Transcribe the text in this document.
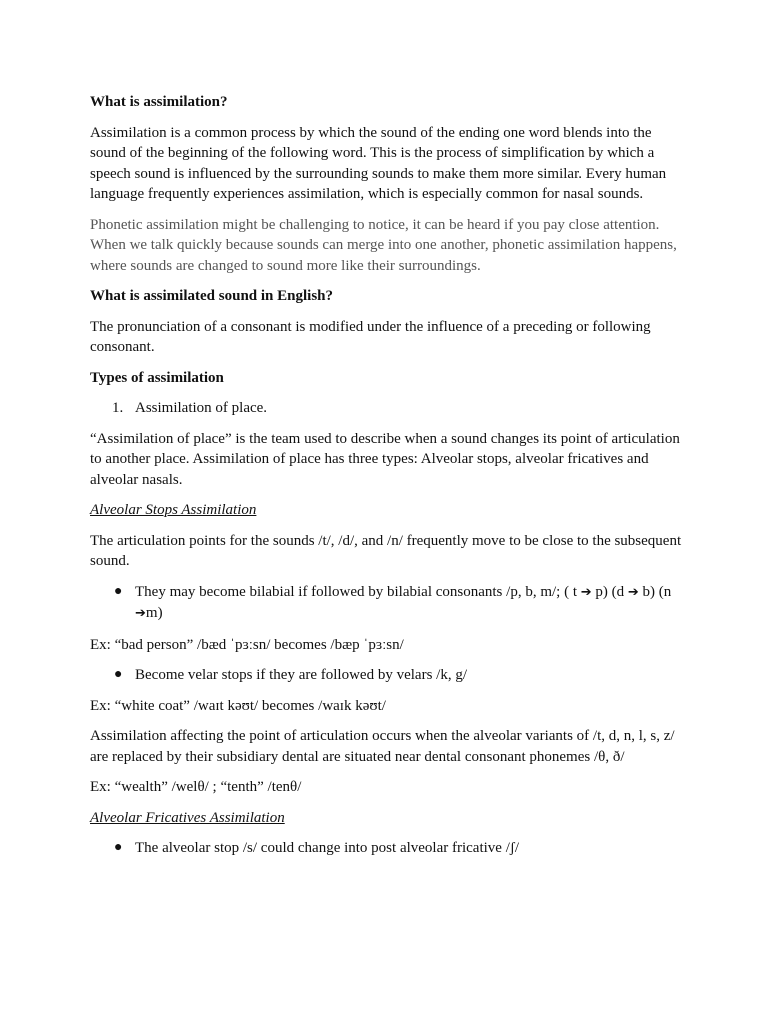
What is assimilation?

Assimilation is a common process by which the sound of the ending one word blends into the sound of the beginning of the following word. This is the process of simplification by which a speech sound is influenced by the surrounding sounds to make them more similar. Every human language frequently experiences assimilation, which is especially common for nasal sounds.

Phonetic assimilation might be challenging to notice, it can be heard if you pay close attention. When we talk quickly because sounds can merge into one another, phonetic assimilation happens, where sounds are changed to sound more like their surroundings.

What is assimilated sound in English?

The pronunciation of a consonant is modified under the influence of a preceding or following consonant.

Types of assimilation
1. Assimilation of place.

“Assimilation of place” is the team used to describe when a sound changes its point of articulation to another place. Assimilation of place has three types: Alveolar stops, alveolar fricatives and alveolar nasals.

Alveolar Stops Assimilation

The articulation points for the sounds /t/, /d/, and /n/ frequently move to be close to the subsequent sound.

● They may become bilabial if followed by bilabial consonants /p, b, m/; ( t ➔ p) (d ➔ b) (n ➔m)

Ex: “bad person” /bæd ˈpɜːsn/ becomes /bæp ˈpɜːsn/

● Become velar stops if they are followed by velars /k, g/

Ex: “white coat” /waɪt kəʊt/ becomes /waɪk kəʊt/

Assimilation affecting the point of articulation occurs when the alveolar variants of /t, d, n, l, s, z/ are replaced by their subsidiary dental are situated near dental consonant phonemes /θ, ð/

Ex: “wealth” /welθ/ ; “tenth” /tenθ/

Alveolar Fricatives Assimilation

● The alveolar stop /s/ could change into post alveolar fricative /ʃ/
